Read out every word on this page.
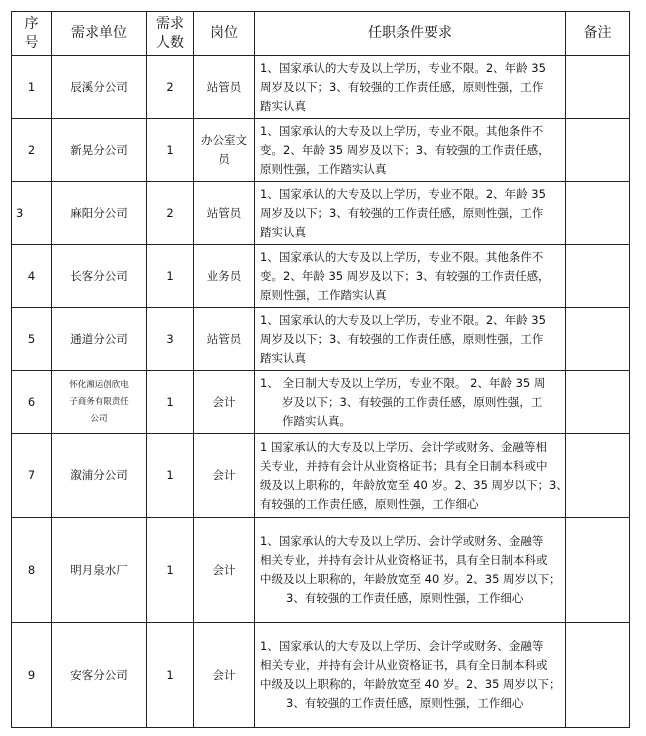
序
号	需求单位	需求
人数	岗位	任职条件要求	备注
1	辰溪分公司	2	站管员	1、国家承认的大专及以上学历，专业不限。2、年龄 35
周岁及以下；3、有较强的工作责任感，原则性强，工作
踏实认真	

2	新晃分公司	1	办公室文
员	1、国家承认的大专及以上学历，专业不限。其他条件不
变。2、年龄 35 周岁及以下；3、有较强的工作责任感，
原则性强，工作踏实认真	

3	麻阳分公司	2	站管员	1、国家承认的大专及以上学历，专业不限。2、年龄 35
周岁及以下；3、有较强的工作责任感，原则性强，工作
踏实认真	

4	长客分公司	1	业务员	1、国家承认的大专及以上学历，专业不限。其他条件不
变。2、年龄 35 周岁及以下；3、有较强的工作责任感，
原则性强，工作踏实认真	

5	通道分公司	3	站管员	1、国家承认的大专及以上学历，专业不限。2、年龄 35
周岁及以下；3、有较强的工作责任感，原则性强，工作
踏实认真	

6	怀化湘运创欣电
子商务有限责任
公司	1	会计	1、 全日制大专及以上学历，专业不限。 2、年龄 35 周
岁及以下；3、有较强的工作责任感，原则性强，工
作踏实认真。	

7	溆浦分公司	1	会计	1 国家承认的大专及以上学历、会计学或财务、金融等相
关专业，并持有会计从业资格证书；具有全日制本科或中
级及以上职称的，年龄放宽至 40 岁。2、35 周岁以下；3、
有较强的工作责任感，原则性强，工作细心	

8	明月泉水厂	1	会计	1、国家承认的大专及以上学历、会计学或财务、金融等
相关专业，并持有会计从业资格证书，具有全日制本科或
中级及以上职称的，年龄放宽至 40 岁。2、35 周岁以下；
3、有较强的工作责任感，原则性强，工作细心	

9	安客分公司	1	会计	1、国家承认的大专及以上学历、会计学或财务、金融等
相关专业，并持有会计从业资格证书，具有全日制本科或
中级及以上职称的，年龄放宽至 40 岁。2、35 周岁以下；
3、有较强的工作责任感，原则性强，工作细心	
